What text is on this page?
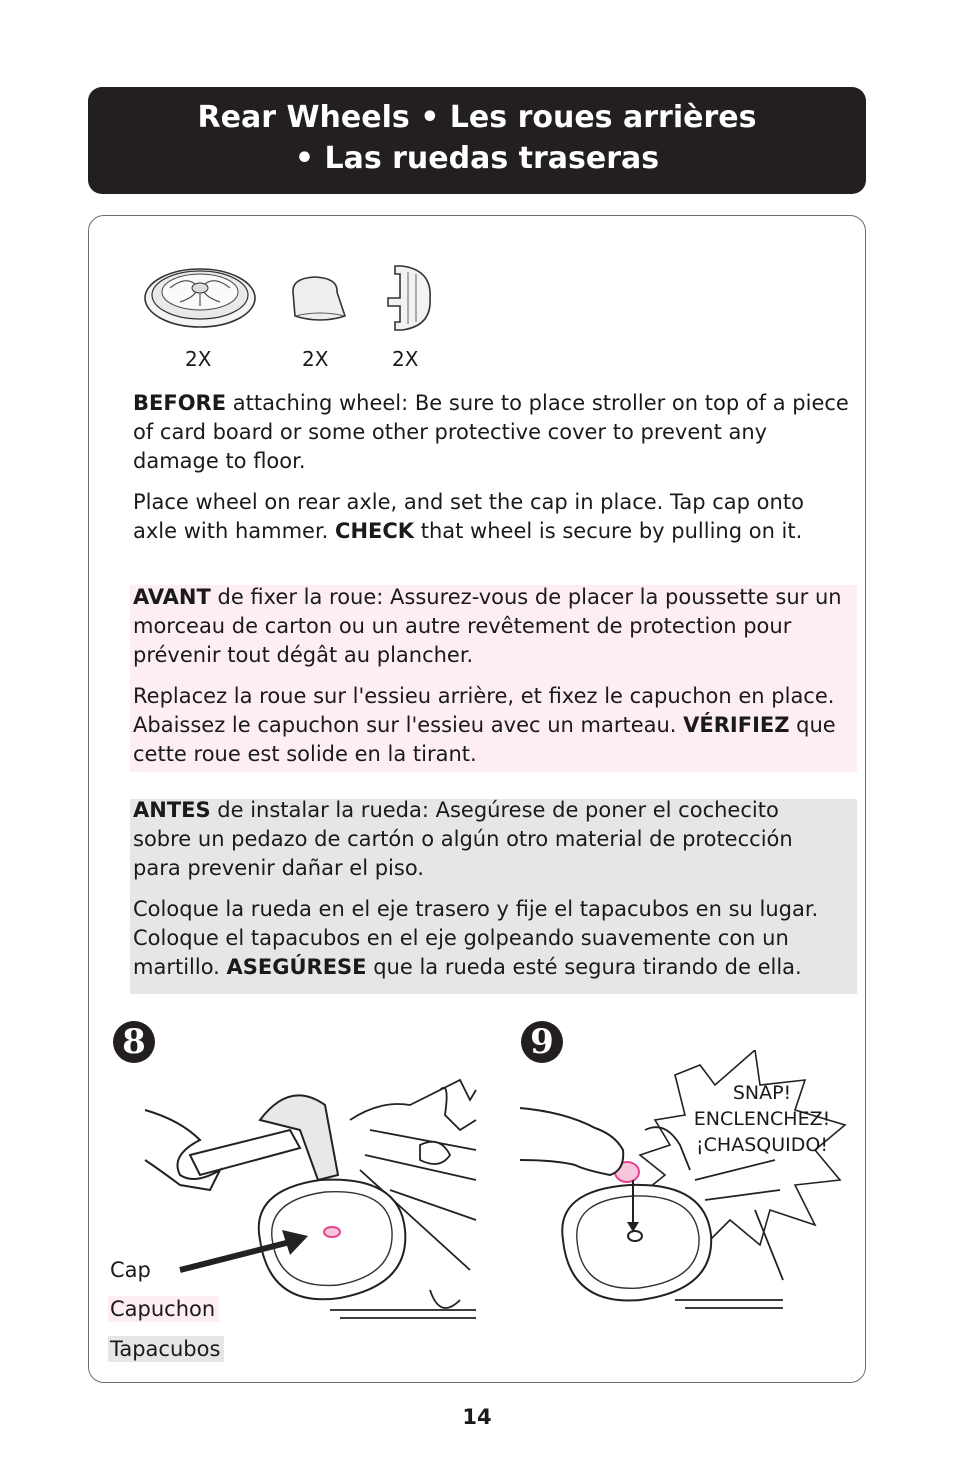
Rear Wheels • Les roues arrières
• Las ruedas traseras
2X	2X	2X

BEFORE attaching wheel: Be sure to place stroller on top of a piece of card board or some other protective cover to prevent any damage to floor.

Place wheel on rear axle, and set the cap in place. Tap cap onto axle with hammer. CHECK that wheel is secure by pulling on it.

AVANT de fixer la roue: Assurez-vous de placer la poussette sur un morceau de carton ou un autre revêtement de protection pour prévenir tout dégât au plancher.

Replacez la roue sur l'essieu arrière, et fixez le capuchon en place. Abaissez le capuchon sur l'essieu avec un marteau. VÉRIFIEZ que cette roue est solide en la tirant.

ANTES de instalar la rueda: Asegúrese de poner el cochecito sobre un pedazo de cartón o algún otro material de protección para prevenir dañar el piso.

Coloque la rueda en el eje trasero y fije el tapacubos en su lugar. Coloque el tapacubos en el eje golpeando suavemente con un martillo. ASEGÚRESE que la rueda esté segura tirando de ella.

8	9
Cap
Capuchon
Tapacubos
SNAP!
ENCLENCHEZ!
¡CHASQUIDO!
14
